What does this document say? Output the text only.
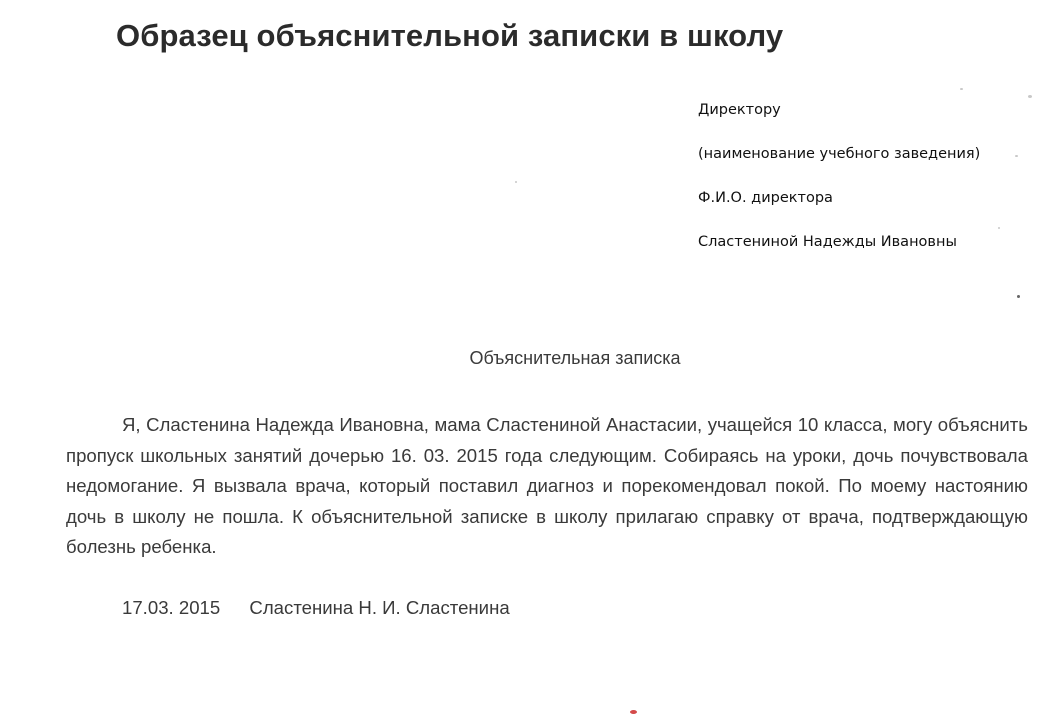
Образец объяснительной записки в школу
Директору
(наименование учебного заведения)
Ф.И.О. директора
Сластениной Надежды Ивановны
Объяснительная записка

Я, Сластенина Надежда Ивановна, мама Сластениной Анастасии, учащейся 10 класса, могу объяснить пропуск школьных занятий дочерью 16. 03. 2015 года следующим. Собираясь на уроки, дочь почувствовала недомогание. Я вызвала врача, который поставил диагноз и порекомендовал покой. По моему настоянию дочь в школу не пошла. К объяснительной записке в школу прилагаю справку от врача, подтверждающую болезнь ребенка.

17.03. 2015 Сластенина Н. И. Сластенина
